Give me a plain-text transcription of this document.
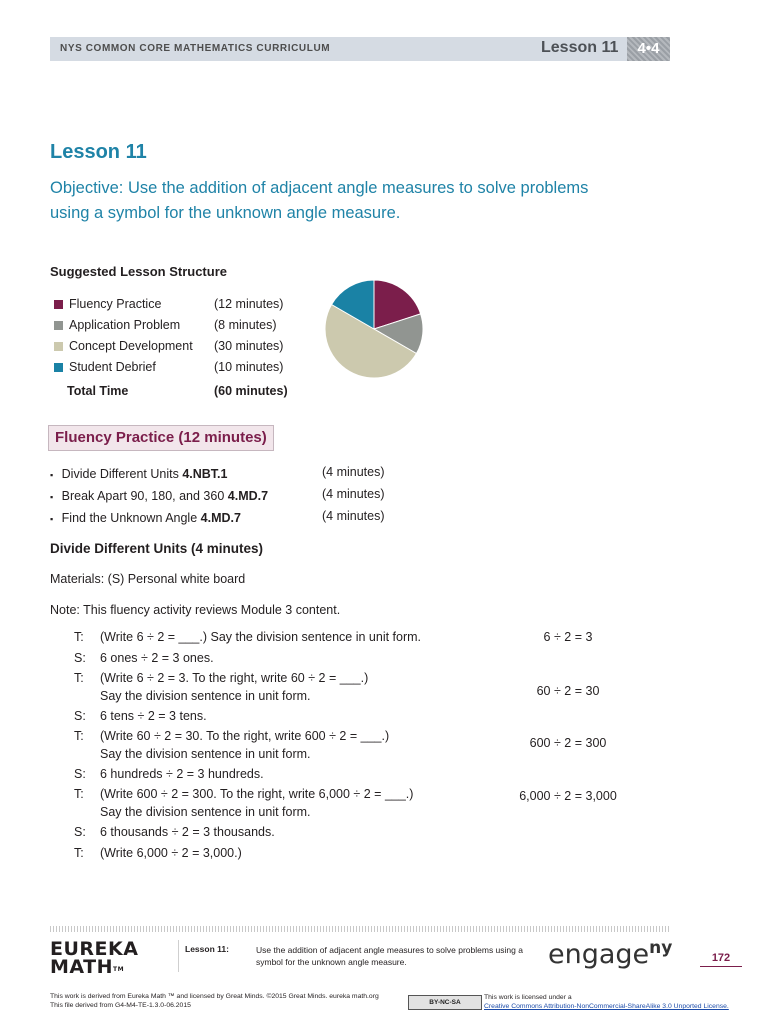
NYS COMMON CORE MATHEMATICS CURRICULUM	Lesson 11	4•4
Lesson 11
Objective: Use the addition of adjacent angle measures to solve problems
using a symbol for the unknown angle measure.
Suggested Lesson Structure
Fluency Practice	(12 minutes)
Application Problem	(8 minutes)
Concept Development (30 minutes)
Student Debrief	(10 minutes)
Total Time	(60 minutes)
Fluency Practice (12 minutes)
▪ Divide Different Units 4.NBT.1	(4 minutes)
▪ Break Apart 90, 180, and 360 4.MD.7	(4 minutes)
▪ Find the Unknown Angle 4.MD.7	(4 minutes)
Divide Different Units (4 minutes)
Materials: (S) Personal white board
Note: This fluency activity reviews Module 3 content.
T: (Write 6 ÷ 2 = ___.) Say the division sentence in unit form.
S: 6 ones ÷ 2 = 3 ones.
T: (Write 6 ÷ 2 = 3. To the right, write 60 ÷ 2 = ___.)
Say the division sentence in unit form.
S: 6 tens ÷ 2 = 3 tens.
T: (Write 60 ÷ 2 = 30. To the right, write 600 ÷ 2 = ___.)
Say the division sentence in unit form.
S: 6 hundreds ÷ 2 = 3 hundreds.
T: (Write 600 ÷ 2 = 300. To the right, write 6,000 ÷ 2 = ___.)
Say the division sentence in unit form.
S: 6 thousands ÷ 2 = 3 thousands.
T: (Write 6,000 ÷ 2 = 3,000.)
6 ÷ 2 = 3
60 ÷ 2 = 30
600 ÷ 2 = 300
6,000 ÷ 2 = 3,000
EUREKA
MATHTM
Lesson 11:	Use the addition of adjacent angle measures to solve problems using a
symbol for the unknown angle measure.	engage$^{ny}$	172
This work is derived from Eureka Math ™ and licensed by Great Minds. ©2015 Great Minds. eureka math.org
This file derived from G4-M4-TE-1.3.0-06.2015	BY-NC-SA
This work is licensed under a
Creative Commons Attribution-NonCommercial-ShareAlike 3.0 Unported License.
